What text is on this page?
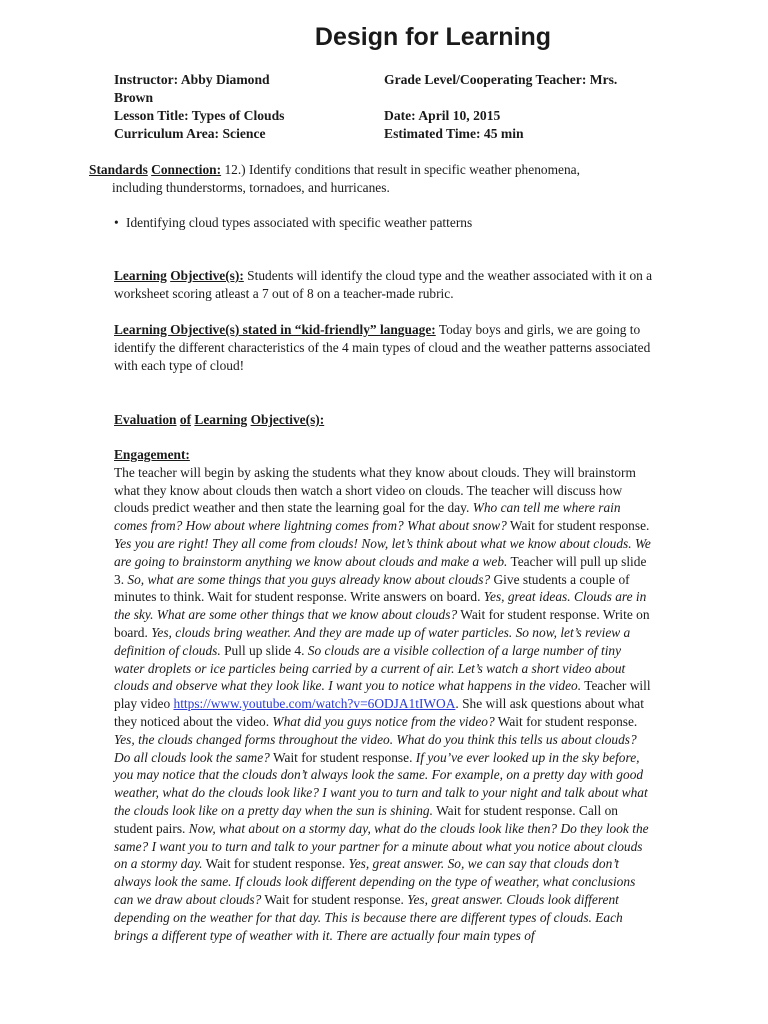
Design for Learning
Instructor: Abby Diamond
Brown
Lesson Title: Types of Clouds
Curriculum Area: Science
Grade Level/Cooperating Teacher: Mrs.
Date: April 10, 2015
Estimated Time: 45 min
Standards Connection: 12.) Identify conditions that result in specific weather phenomena,
including thunderstorms, tornadoes, and hurricanes.
• Identifying cloud types associated with specific weather patterns
Learning Objective(s): Students will identify the cloud type and the weather associated with it on a worksheet scoring atleast a 7 out of 8 on a teacher-made rubric.
Learning Objective(s) stated in “kid-friendly” language: Today boys and girls, we are going to identify the different characteristics of the 4 main types of cloud and the weather patterns associated with each type of cloud!
Evaluation of Learning Objective(s):
Engagement:
The teacher will begin by asking the students what they know about clouds. They will brainstorm what they know about clouds then watch a short video on clouds. The teacher will discuss how clouds predict weather and then state the learning goal for the day. Who can tell me where rain comes from? How about where lightning comes from? What about snow? Wait for student response. Yes you are right! They all come from clouds! Now, let’s think about what we know about clouds. We are going to brainstorm anything we know about clouds and make a web. Teacher will pull up slide 3. So, what are some things that you guys already know about clouds? Give students a couple of minutes to think. Wait for student response. Write answers on board. Yes, great ideas. Clouds are in the sky. What are some other things that we know about clouds? Wait for student response. Write on board. Yes, clouds bring weather. And they are made up of water particles. So now, let’s review a definition of clouds. Pull up slide 4. So clouds are a visible collection of a large number of tiny water droplets or ice particles being carried by a current of air. Let’s watch a short video about clouds and observe what they look like. I want you to notice what happens in the video. Teacher will play video https://www.youtube.com/watch?v=6ODJA1tIWOA. She will ask questions about what they noticed about the video. What did you guys notice from the video? Wait for student response. Yes, the clouds changed forms throughout the video. What do you think this tells us about clouds? Do all clouds look the same? Wait for student response. If you’ve ever looked up in the sky before, you may notice that the clouds don’t always look the same. For example, on a pretty day with good weather, what do the clouds look like? I want you to turn and talk to your night and talk about what the clouds look like on a pretty day when the sun is shining. Wait for student response. Call on student pairs. Now, what about on a stormy day, what do the clouds look like then? Do they look the same? I want you to turn and talk to your partner for a minute about what you notice about clouds on a stormy day. Wait for student response. Yes, great answer. So, we can say that clouds don’t always look the same. If clouds look different depending on the type of weather, what conclusions can we draw about clouds? Wait for student response. Yes, great answer. Clouds look different depending on the weather for that day. This is because there are different types of clouds. Each brings a different type of weather with it. There are actually four main types of
